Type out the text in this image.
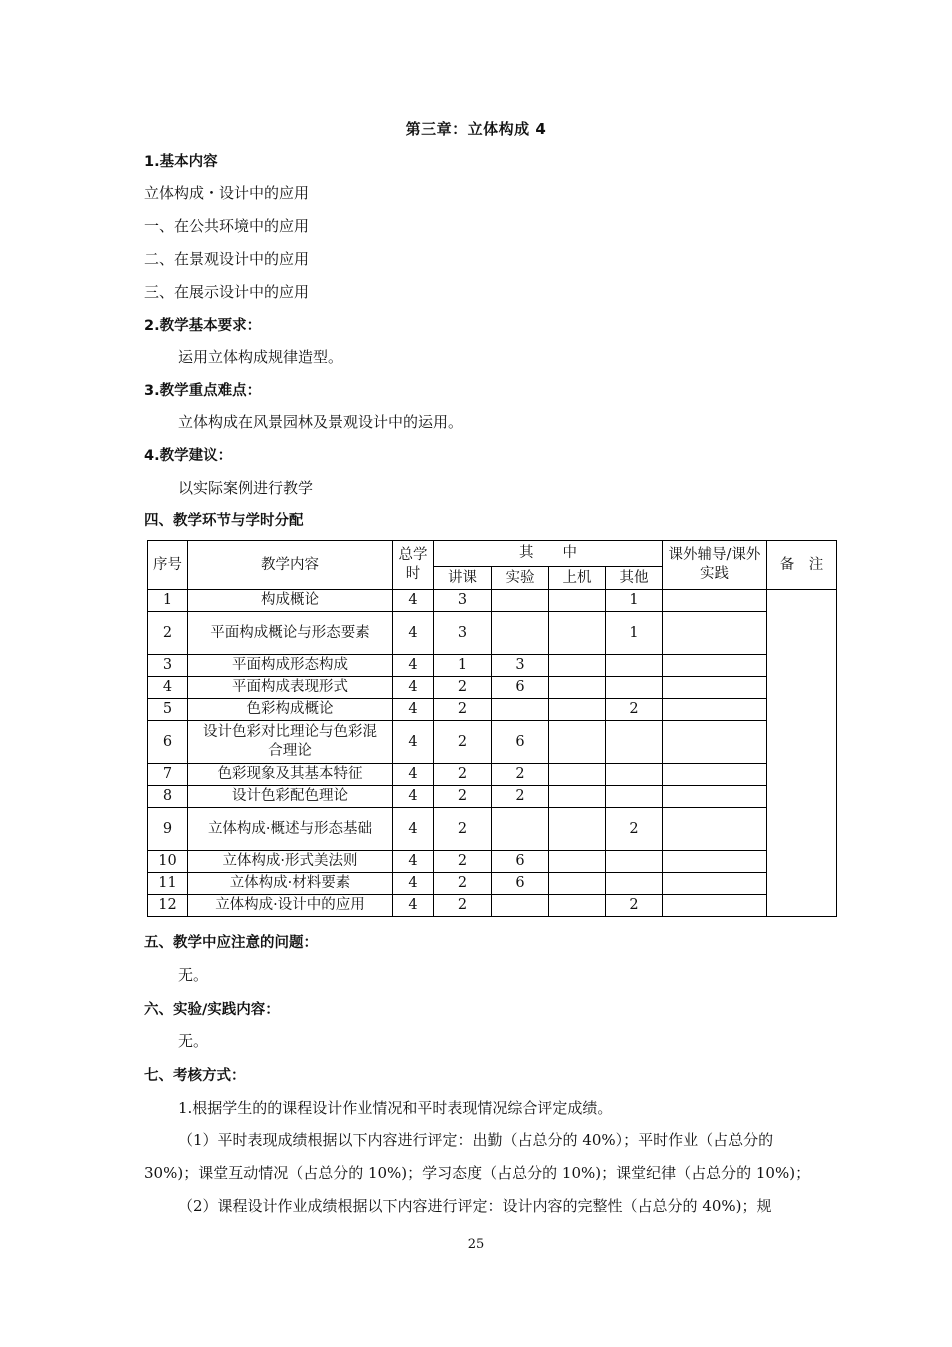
第三章：立体构成 4
1.基本内容
立体构成・设计中的应用
一、在公共环境中的应用
二、在景观设计中的应用
三、在展示设计中的应用
2.教学基本要求：
运用立体构成规律造型。
3.教学重点难点：
立体构成在风景园林及景观设计中的运用。
4.教学建议：
以实际案例进行教学
四、教学环节与学时分配
序号	教学内容	总学时	其　　中				课外辅导/课外实践	备　注
			讲课	实验	上机	其他		
1	构成概论	4	3			1		
2	平面构成概论与形态要素	4	3			1		
3	平面构成形态构成	4	1	3				
4	平面构成表现形式	4	2	6				
5	色彩构成概论	4	2			2		
6	设计色彩对比理论与色彩混合理论	4	2	6				
7	色彩现象及其基本特征	4	2	2				
8	设计色彩配色理论	4	2	2				
9	立体构成·概述与形态基础	4	2			2		
10	立体构成·形式美法则	4	2	6				
11	立体构成·材料要素	4	2	6				
12	立体构成·设计中的应用	4	2			2		
五、教学中应注意的问题：
无。
六、实验/实践内容：
无。
七、考核方式：
1.根据学生的的课程设计作业情况和平时表现情况综合评定成绩。
（1）平时表现成绩根据以下内容进行评定：出勤（占总分的 40%）；平时作业（占总分的
30%)；课堂互动情况（占总分的 10%)；学习态度（占总分的 10%)；课堂纪律（占总分的 10%)；
（2）课程设计作业成绩根据以下内容进行评定：设计内容的完整性（占总分的 40%)；规
25
